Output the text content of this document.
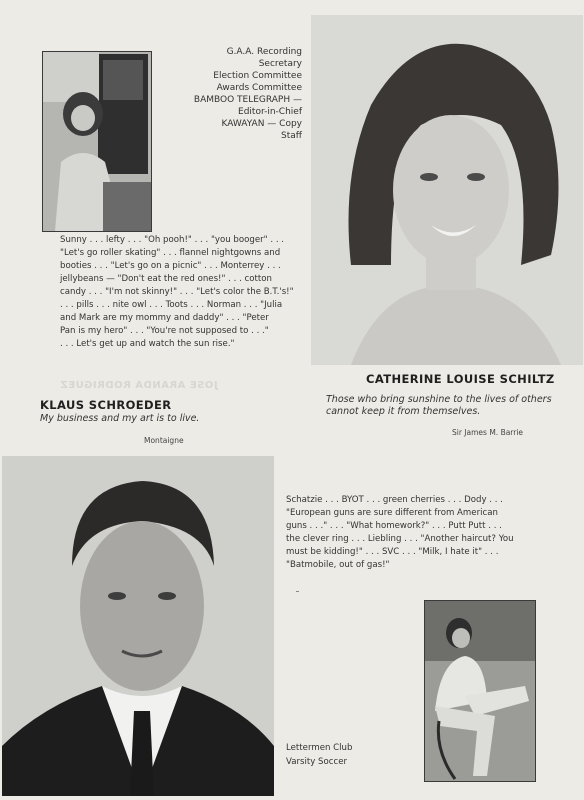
JOSE ARANDA RODRIGUEZ
G.A.A. Recording
Secretary
Election Committee
Awards Committee
BAMBOO TELEGRAPH —
Editor-in-Chief
KAWAYAN — Copy
Staff
Sunny . . . lefty . . . "Oh pooh!" . . . "you booger" . . .
"Let's go roller skating" . . . flannel nightgowns and
booties . . . "Let's go on a picnic" . . . Monterrey . . .
jellybeans — "Don't eat the red ones!" . . . cotton
candy . . . "I'm not skinny!" . . . "Let's color the B.T.'s!"
. . . pills . . . nite owl . . . Toots . . . Norman . . . "Julia
and Mark are my mommy and daddy" . . . "Peter
Pan is my hero" . . . "You're not supposed to . . ."
. . . Let's get up and watch the sun rise."
CATHERINE LOUISE SCHILTZ
Those who bring sunshine to the lives of others
cannot keep it from themselves.
Sir James M. Barrie
KLAUS SCHROEDER
My business and my art is to live.
Montaigne
Schatzie . . . BYOT . . . green cherries . . . Dody . . .
"European guns are sure different from American
guns . . ." . . . "What homework?" . . . Putt Putt . . .
the clever ring . . . Liebling . . . "Another haircut? You
must be kidding!" . . . SVC . . . "Milk, I hate it" . . .
"Batmobile, out of gas!"
Lettermen Club
Varsity Soccer
